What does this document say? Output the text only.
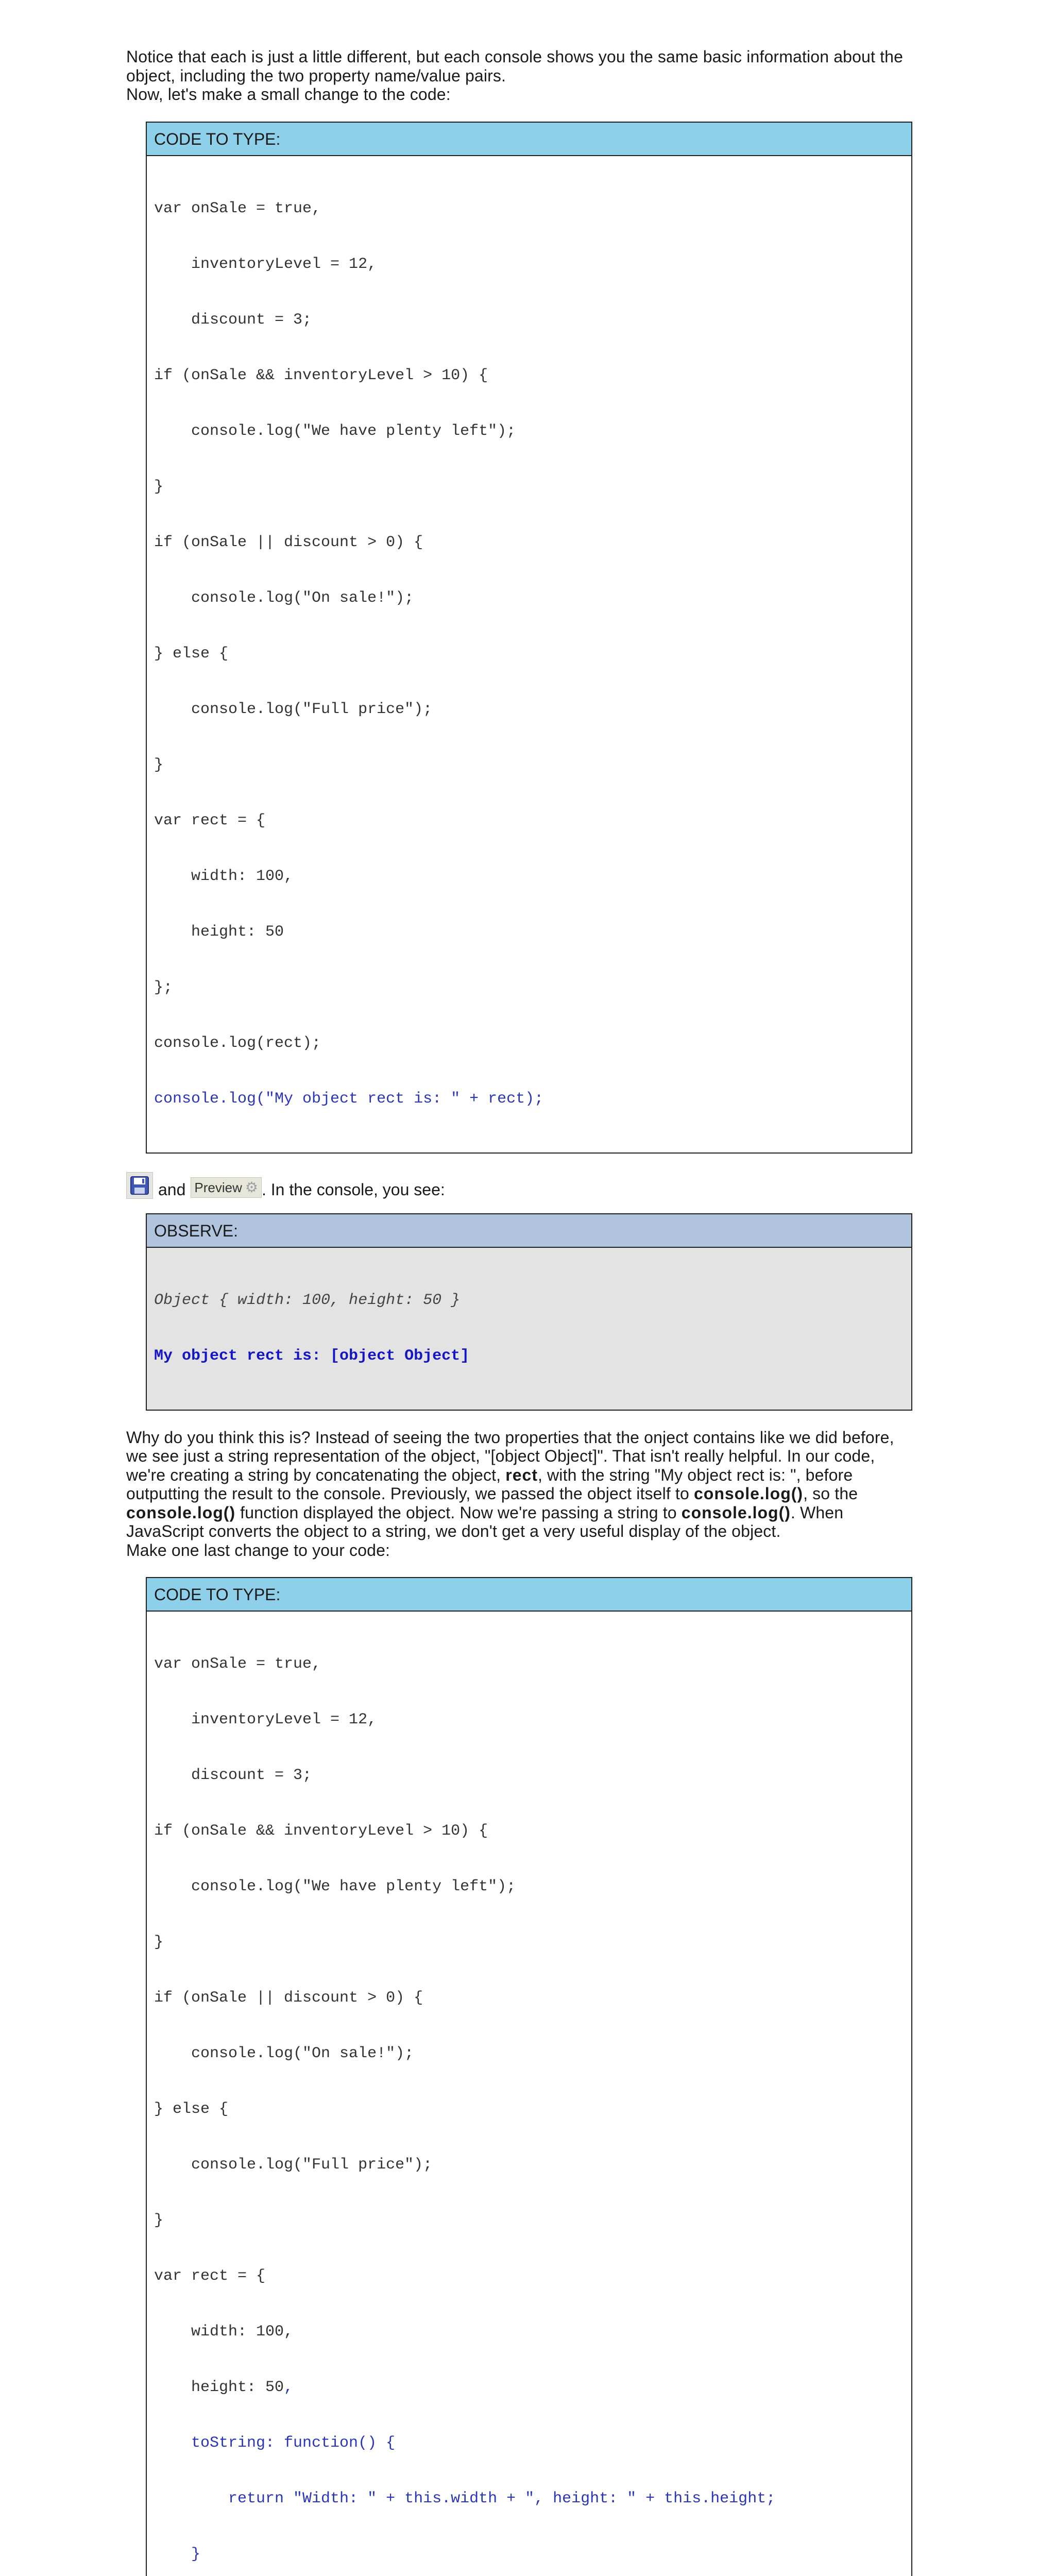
Notice that each is just a little different, but each console shows you the same basic information about the object, including the two property name/value pairs.

Now, let's make a small change to the code:

CODE TO TYPE:

var onSale = true,

inventoryLevel = 12,

discount = 3;

if (onSale && inventoryLevel > 10) {

console.log("We have plenty left");

}

if (onSale || discount > 0) {

console.log("On sale!");

} else {

console.log("Full price");

}

var rect = {

width: 100,

height: 50

};

console.log(rect);

console.log("My object rect is: " + rect);

and Preview ⚙ . In the console, you see:
OBSERVE:

Object { width: 100, height: 50 }

My object rect is: [object Object]

Why do you think this is? Instead of seeing the two properties that the onject contains like we did before, we see just a string representation of the object, "[object Object]". That isn't really helpful. In our code, we're creating a string by concatenating the object, rect, with the string "My object rect is: ", before outputting the result to the console. Previously, we passed the object itself to console.log(), so the console.log() function displayed the object. Now we're passing a string to console.log(). When JavaScript converts the object to a string, we don't get a very useful display of the object.

Make one last change to your code:

CODE TO TYPE:

var onSale = true,

inventoryLevel = 12,

discount = 3;

if (onSale && inventoryLevel > 10) {

console.log("We have plenty left");

}

if (onSale || discount > 0) {

console.log("On sale!");

} else {

console.log("Full price");

}

var rect = {

width: 100,

height: 50,

toString: function() {

return "Width: " + this.width + ", height: " + this.height;

}
